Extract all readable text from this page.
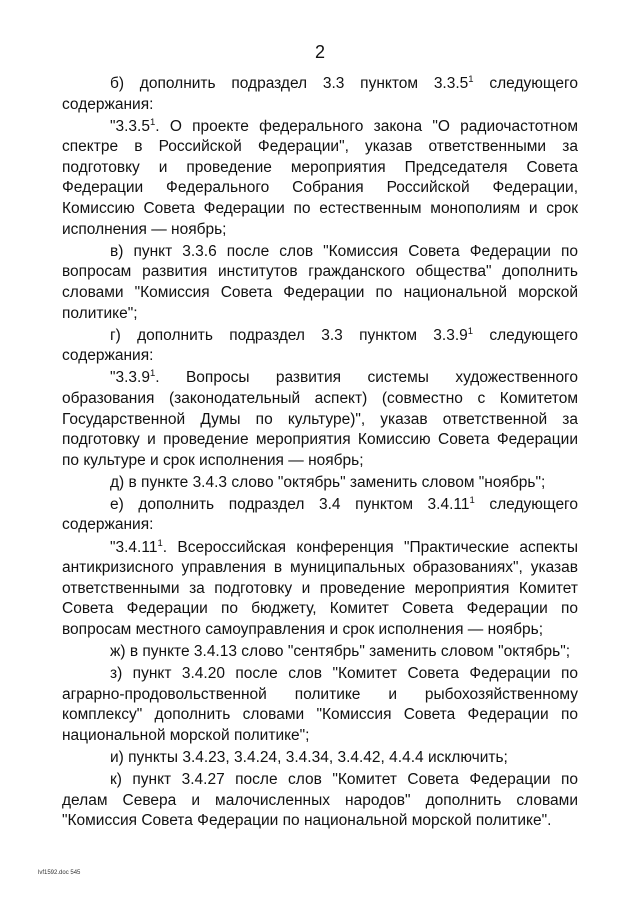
2

б) дополнить подраздел 3.3 пунктом 3.3.5$^1$ следующего содержания:

"3.3.5$^1$. О проекте федерального закона "О радиочастотном спектре в Российской Федерации", указав ответственными за подготовку и проведение мероприятия Председателя Совета Федерации Федерального Собрания Российской Федерации, Комиссию Совета Федерации по естественным монополиям и срок исполнения — ноябрь;

в) пункт 3.3.6 после слов "Комиссия Совета Федерации по вопросам развития институтов гражданского общества" дополнить словами "Комиссия Совета Федерации по национальной морской политике";

г) дополнить подраздел 3.3 пунктом 3.3.9$^1$ следующего содержания:

"3.3.9$^1$. Вопросы развития системы художественного образования (законодательный аспект) (совместно с Комитетом Государственной Думы по культуре)", указав ответственной за подготовку и проведение мероприятия Комиссию Совета Федерации по культуре и срок исполнения — ноябрь;

д) в пункте 3.4.3 слово "октябрь" заменить словом "ноябрь";

е) дополнить подраздел 3.4 пунктом 3.4.11$^1$ следующего содержания:

"3.4.11$^1$. Всероссийская конференция "Практические аспекты антикризисного управления в муниципальных образованиях", указав ответственными за подготовку и проведение мероприятия Комитет Совета Федерации по бюджету, Комитет Совета Федерации по вопросам местного самоуправления и срок исполнения — ноябрь;

ж) в пункте 3.4.13 слово "сентябрь" заменить словом "октябрь";

з) пункт 3.4.20 после слов "Комитет Совета Федерации по аграрно-продовольственной политике и рыбохозяйственному комплексу" дополнить словами "Комиссия Совета Федерации по национальной морской политике";

и) пункты 3.4.23, 3.4.24, 3.4.34, 3.4.42, 4.4.4 исключить;

к) пункт 3.4.27 после слов "Комитет Совета Федерации по делам Севера и малочисленных народов" дополнить словами "Комиссия Совета Федерации по национальной морской политике".

lvf1592.doc 545
